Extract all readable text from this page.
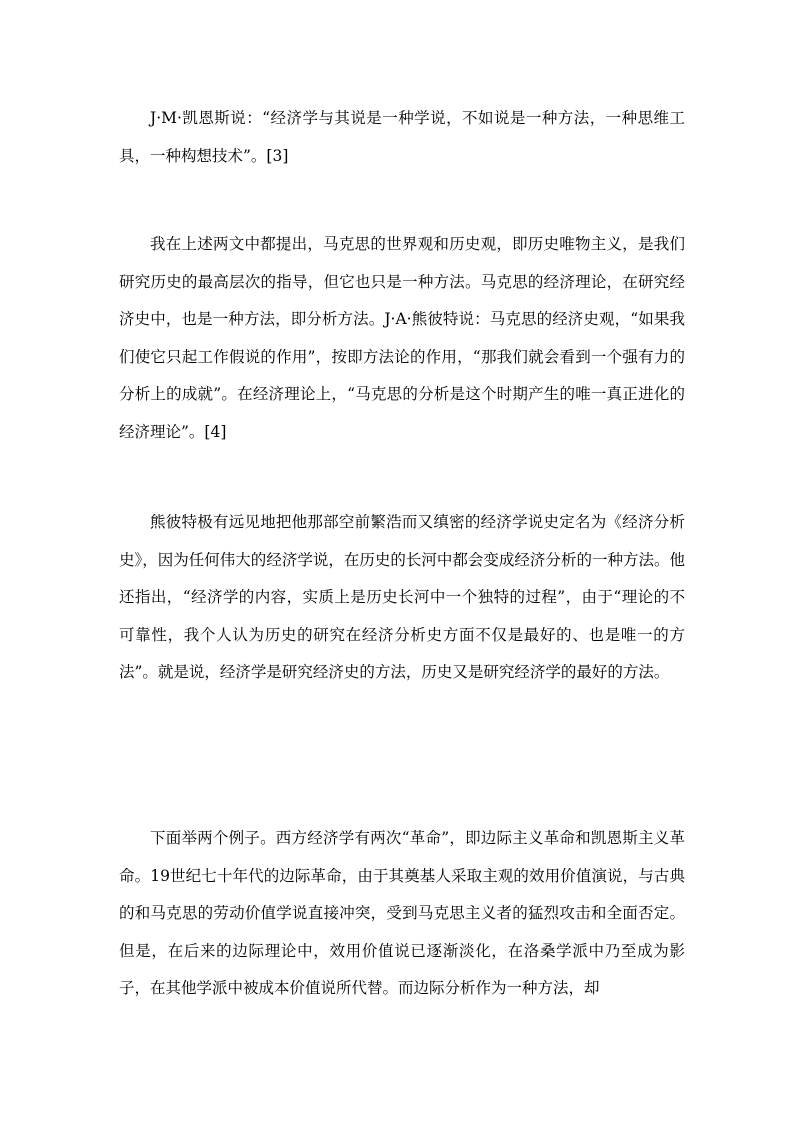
J·M·凯恩斯说：“经济学与其说是一种学说，不如说是一种方法，一种思维工具，一种构想技术”。[3]

我在上述两文中都提出，马克思的世界观和历史观，即历史唯物主义，是我们研究历史的最高层次的指导，但它也只是一种方法。马克思的经济理论，在研究经济史中，也是一种方法，即分析方法。J·A·熊彼特说：马克思的经济史观，“如果我们使它只起工作假说的作用”，按即方法论的作用，“那我们就会看到一个强有力的分析上的成就”。在经济理论上，“马克思的分析是这个时期产生的唯一真正进化的经济理论”。[4]

熊彼特极有远见地把他那部空前繁浩而又缜密的经济学说史定名为《经济分析史》，因为任何伟大的经济学说，在历史的长河中都会变成经济分析的一种方法。他还指出，“经济学的内容，实质上是历史长河中一个独特的过程”，由于“理论的不可靠性，我个人认为历史的研究在经济分析史方面不仅是最好的、也是唯一的方法”。就是说，经济学是研究经济史的方法，历史又是研究经济学的最好的方法。

下面举两个例子。西方经济学有两次“革命”，即边际主义革命和凯恩斯主义革命。19世纪七十年代的边际革命，由于其奠基人采取主观的效用价值演说，与古典的和马克思的劳动价值学说直接冲突，受到马克思主义者的猛烈攻击和全面否定。但是，在后来的边际理论中，效用价值说已逐渐淡化，在洛桑学派中乃至成为影子，在其他学派中被成本价值说所代替。而边际分析作为一种方法，却
